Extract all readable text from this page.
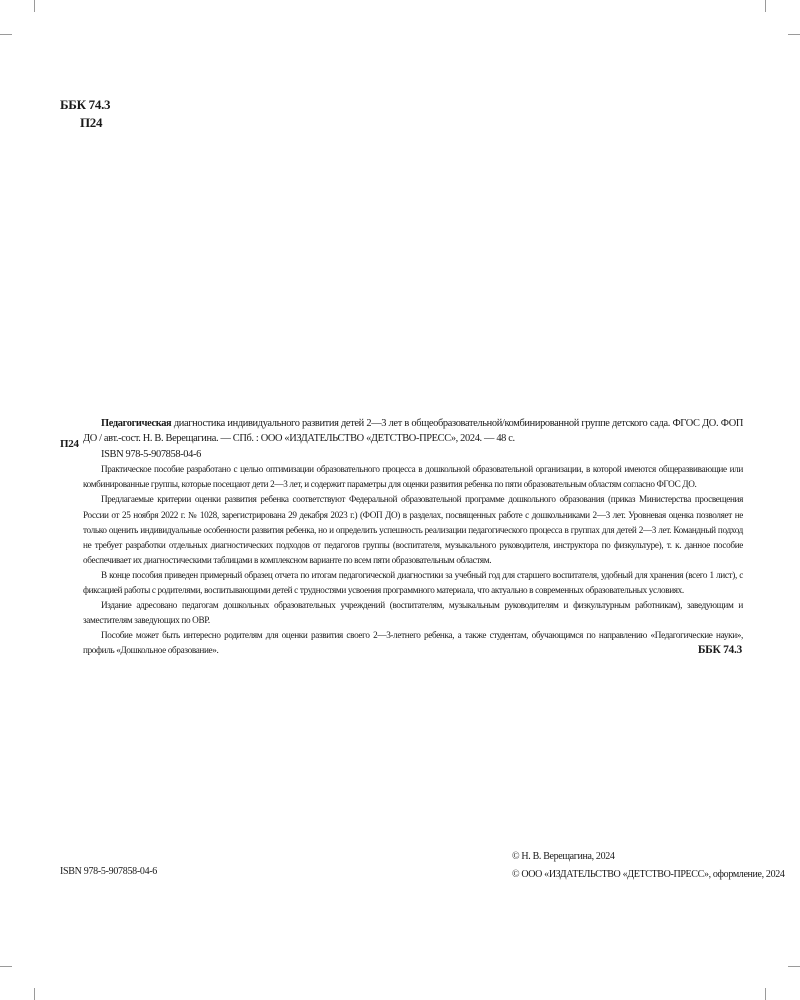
ББК 74.3
П24
П24

Педагогическая диагностика индивидуального развития детей 2—3 лет в общеобразовательной/комбинированной группе детского сада. ФГОС ДО. ФОП ДО / авт.-сост. Н. В. Верещагина. — СПб. : ООО «ИЗДАТЕЛЬСТВО «ДЕТСТВО-ПРЕСС», 2024. — 48 с.

ISBN 978-5-907858-04-6

Практическое пособие разработано с целью оптимизации образовательного процесса в дошкольной образовательной организации, в которой имеются общеразвивающие или комбинированные группы, которые посещают дети 2—3 лет, и содержит параметры для оценки развития ребенка по пяти образовательным областям согласно ФГОС ДО.

Предлагаемые критерии оценки развития ребенка соответствуют Федеральной образовательной программе дошкольного образования (приказ Министерства просвещения России от 25 ноября 2022 г. № 1028, зарегистрирована 29 декабря 2023 г.) (ФОП ДО) в разделах, посвященных работе с дошкольниками 2—3 лет. Уровневая оценка позволяет не только оценить индивидуальные особенности развития ребенка, но и определить успешность реализации педагогического процесса в группах для детей 2—3 лет. Командный подход не требует разработки отдельных диагностических подходов от педагогов группы (воспитателя, музыкального руководителя, инструктора по физкультуре), т. к. данное пособие обеспечивает их диагностическими таблицами в комплексном варианте по всем пяти образовательным областям.

В конце пособия приведен примерный образец отчета по итогам педагогической диагностики за учебный год для старшего воспитателя, удобный для хранения (всего 1 лист), с фиксацией работы с родителями, воспитывающими детей с трудностями усвоения программного материала, что актуально в современных образовательных условиях.

Издание адресовано педагогам дошкольных образовательных учреждений (воспитателям, музыкальным руководителям и физкультурным работникам), заведующим и заместителям заведующих по ОВР.

Пособие может быть интересно родителям для оценки развития своего 2—3-летнего ребенка, а также студентам, обучающимся по направлению «Педагогические науки», профиль «Дошкольное образование».	ББК 74.3
ISBN 978-5-907858-04-6
© Н. В. Верещагина, 2024
© ООО «ИЗДАТЕЛЬСТВО «ДЕТСТВО-ПРЕСС», оформление, 2024
